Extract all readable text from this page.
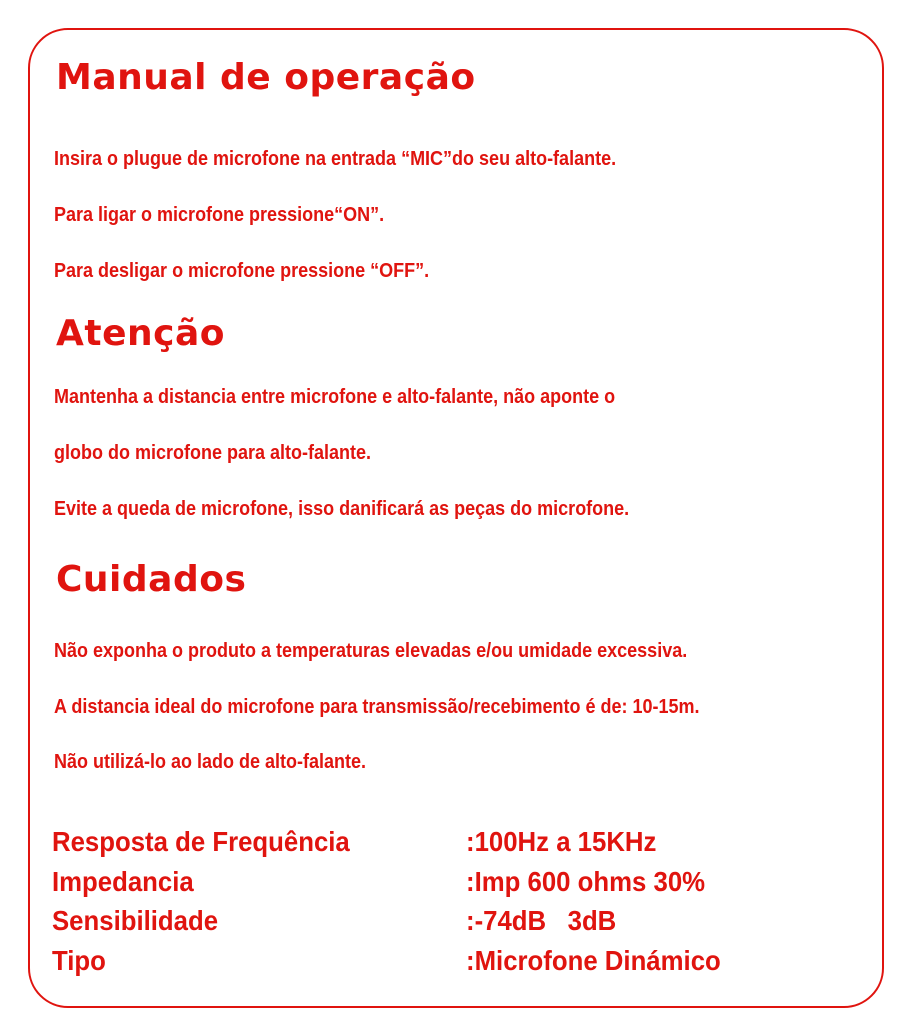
Manual de operação

Insira o plugue de microfone na entrada “MIC”do seu alto-falante.

Para ligar o microfone pressione“ON”.

Para desligar o microfone pressione “OFF”.

Atenção

Mantenha a distancia entre microfone e alto-falante, não aponte o

globo do microfone para alto-falante.

Evite a queda de microfone, isso danificará as peças do microfone.

Cuidados

Não exponha o produto a temperaturas elevadas e/ou umidade excessiva.

A distancia ideal do microfone para transmissão/recebimento é de: 10-15m.

Não utilizá-lo ao lado de alto-falante.

Resposta de Frequência	:100Hz a 15KHz

Impedancia	:Imp 600 ohms 30%

Sensibilidade	:-74dB   3dB

Tipo	:Microfone Dinámico
